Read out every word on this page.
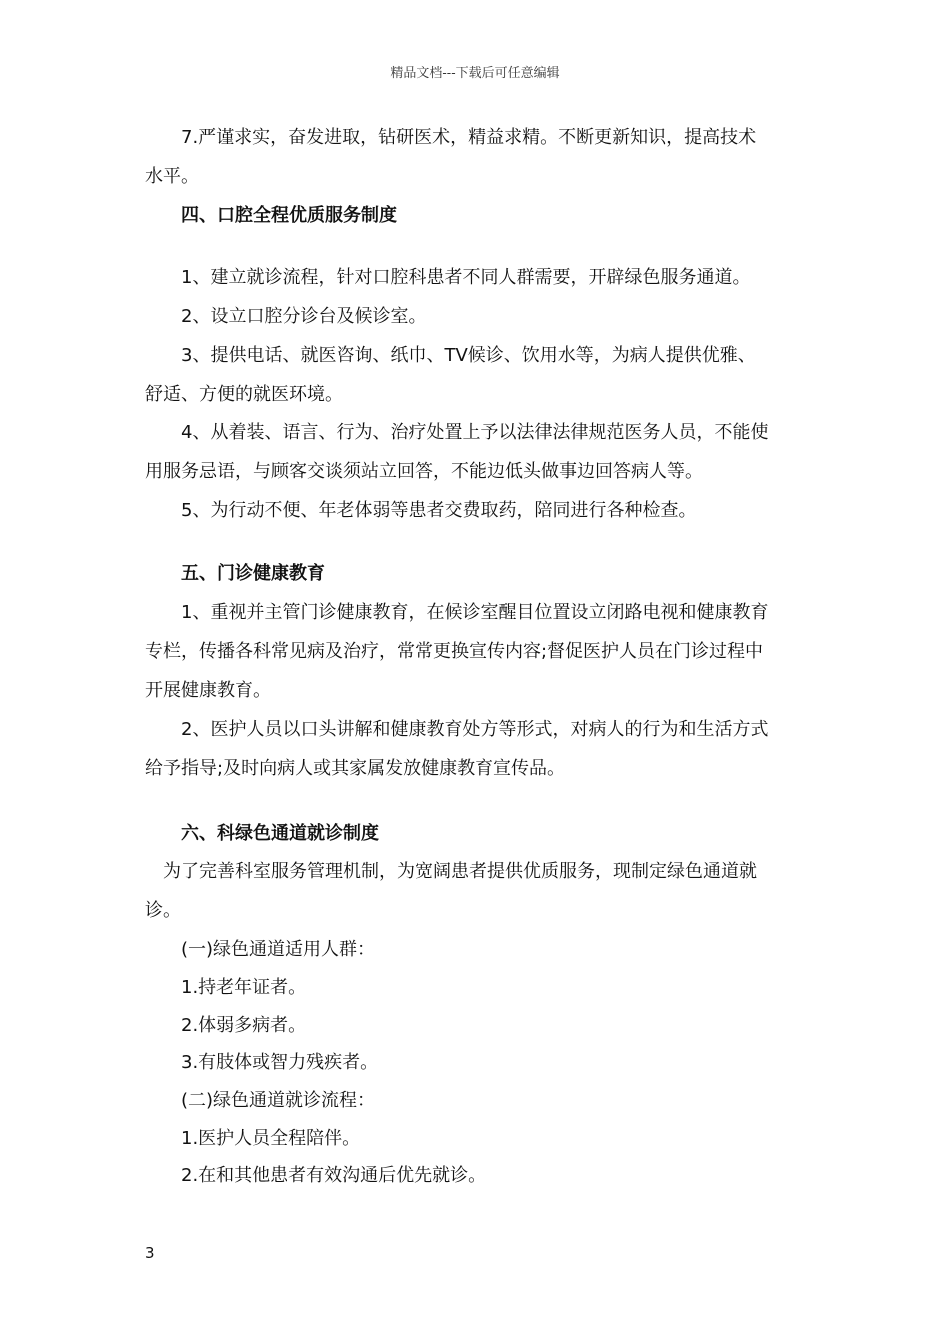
精品文档---下载后可任意编辑
7.严谨求实，奋发进取，钻研医术，精益求精。不断更新知识，提高技术
水平。
四、口腔全程优质服务制度
1、建立就诊流程，针对口腔科患者不同人群需要，开辟绿色服务通道。
2、设立口腔分诊台及候诊室。
3、提供电话、就医咨询、纸巾、TV候诊、饮用水等，为病人提供优雅、
舒适、方便的就医环境。
4、从着装、语言、行为、治疗处置上予以法律法律规范医务人员，不能使
用服务忌语，与顾客交谈须站立回答，不能边低头做事边回答病人等。
5、为行动不便、年老体弱等患者交费取药，陪同进行各种检查。
五、门诊健康教育
1、重视并主管门诊健康教育，在候诊室醒目位置设立闭路电视和健康教育
专栏，传播各科常见病及治疗，常常更换宣传内容;督促医护人员在门诊过程中
开展健康教育。
2、医护人员以口头讲解和健康教育处方等形式，对病人的行为和生活方式
给予指导;及时向病人或其家属发放健康教育宣传品。
六、科绿色通道就诊制度
为了完善科室服务管理机制，为宽阔患者提供优质服务，现制定绿色通道就
诊。
(一)绿色通道适用人群：
1.持老年证者。
2.体弱多病者。
3.有肢体或智力残疾者。
(二)绿色通道就诊流程：
1.医护人员全程陪伴。
2.在和其他患者有效沟通后优先就诊。
3
